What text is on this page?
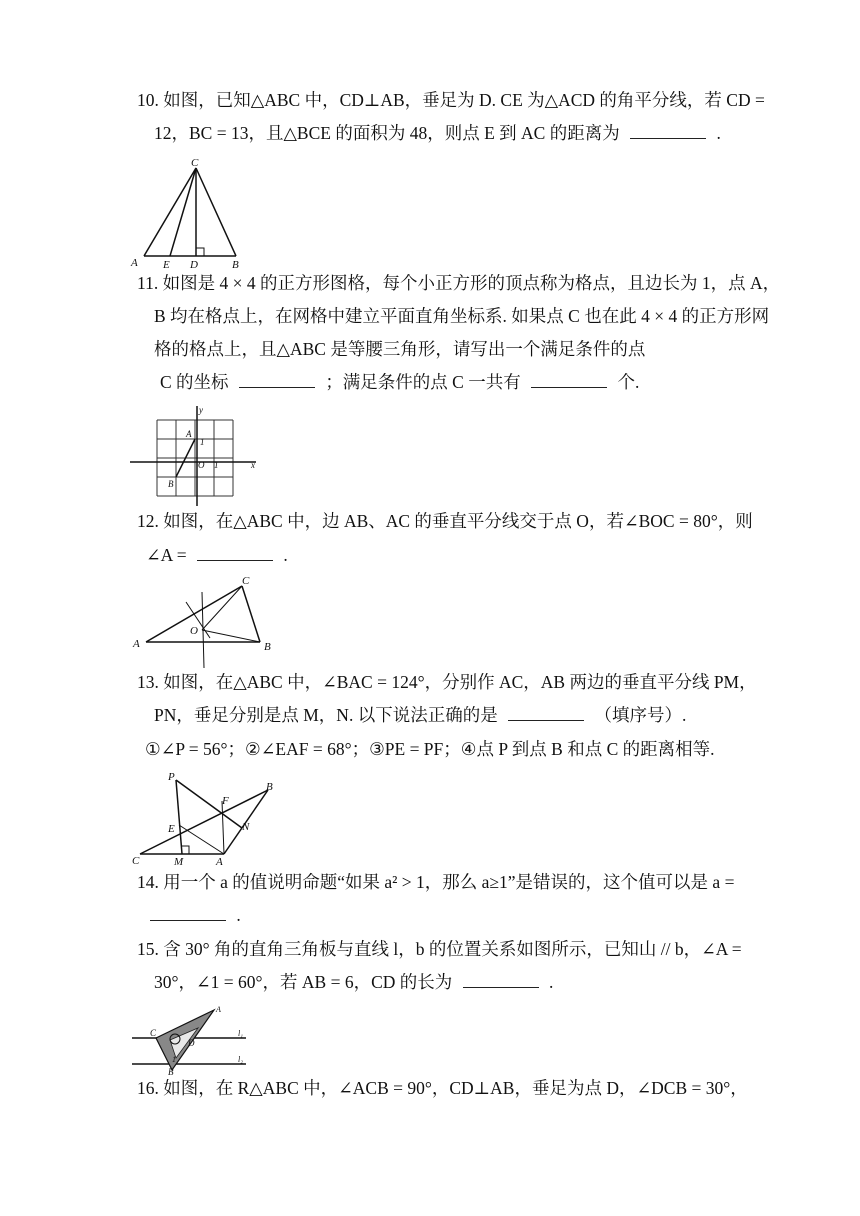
10. 如图，已知△ABC 中，CD⊥AB，垂足为 D. CE 为△ACD 的角平分线，若 CD =
12，BC = 13，且△BCE 的面积为 48，则点 E 到 AC 的距离为	.
C
A E D	B
11. 如图是 4 × 4 的正方形图格，每个小正方形的顶点称为格点，且边长为 1，点 A，
B 均在格点上，在网格中建立平面直角坐标系. 如果点 C 也在此 4 × 4 的正方形网
格的格点上，且△ABC 是等腰三角形，请写出一个满足条件的点
C 的坐标	；满足条件的点 C 一共有	个.
y
x
A
1
O 1
B
12. 如图，在△ABC 中，边 AB、AC 的垂直平分线交于点 O，若∠BOC = 80°，则
∠A =	.
A	B
C
O
13. 如图，在△ABC 中，∠BAC = 124°，分别作 AC，AB 两边的垂直平分线 PM，
PN，垂足分别是点 M，N. 以下说法正确的是	（填序号）.
①∠P = 56°；②∠EAF = 68°；③PE = PF；④点 P 到点 B 和点 C 的距离相等.
P
B
F
N
E
C	M	A
14. 用一个 a 的值说明命题“如果 a² > 1，那么 a≥1”是错误的，这个值可以是 a =
.
15. 含 30° 角的直角三角板与直线 l，b 的位置关系如图所示，已知山 // b，∠A =
30°，∠1 = 60°，若 AB = 6，CD 的长为	.
A
C
D
l₁
l₂
1
B
16. 如图，在 R△ABC 中，∠ACB = 90°，CD⊥AB，垂足为点 D，∠DCB = 30°，
